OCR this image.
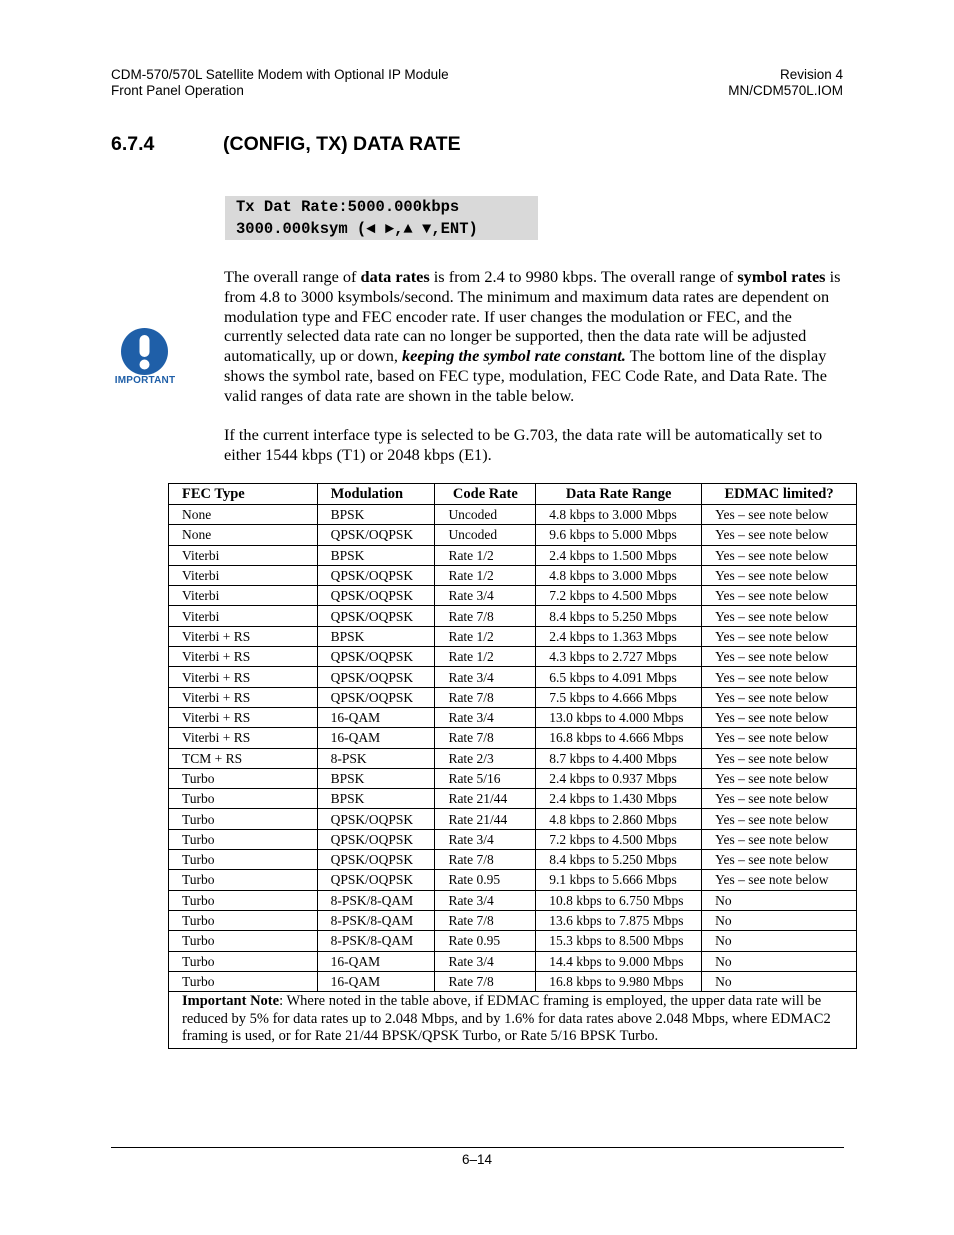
CDM-570/570L Satellite Modem with Optional IP Module
Front Panel Operation
Revision 4
MN/CDM570L.IOM
6.7.4	(CONFIG, TX) DATA RATE
Tx Dat Rate:5000.000kbps
3000.000ksym (◄ ►,▲ ▼,ENT)
IMPORTANT
The overall range of data rates is from 2.4 to 9980 kbps. The overall range of symbol rates is from 4.8 to 3000 ksymbols/second. The minimum and maximum data rates are dependent on modulation type and FEC encoder rate. If user changes the modulation or FEC, and the currently selected data rate can no longer be supported, then the data rate will be adjusted automatically, up or down, keeping the symbol rate constant. The bottom line of the display shows the symbol rate, based on FEC type, modulation, FEC Code Rate, and Data Rate. The valid ranges of data rate are shown in the table below.
If the current interface type is selected to be G.703, the data rate will be automatically set to either 1544 kbps (T1) or 2048 kbps (E1).
FEC Type	Modulation	Code Rate	Data Rate Range	EDMAC limited?
None	BPSK	Uncoded	4.8 kbps to 3.000 Mbps	Yes – see note below
None	QPSK/OQPSK	Uncoded	9.6 kbps to 5.000 Mbps	Yes – see note below
Viterbi	BPSK	Rate 1/2	2.4 kbps to 1.500 Mbps	Yes – see note below
Viterbi	QPSK/OQPSK	Rate 1/2	4.8 kbps to 3.000 Mbps	Yes – see note below
Viterbi	QPSK/OQPSK	Rate 3/4	7.2 kbps to 4.500 Mbps	Yes – see note below
Viterbi	QPSK/OQPSK	Rate 7/8	8.4 kbps to 5.250 Mbps	Yes – see note below
Viterbi + RS	BPSK	Rate 1/2	2.4 kbps to 1.363 Mbps	Yes – see note below
Viterbi + RS	QPSK/OQPSK	Rate 1/2	4.3 kbps to 2.727 Mbps	Yes – see note below
Viterbi + RS	QPSK/OQPSK	Rate 3/4	6.5 kbps to 4.091 Mbps	Yes – see note below
Viterbi + RS	QPSK/OQPSK	Rate 7/8	7.5 kbps to 4.666 Mbps	Yes – see note below
Viterbi + RS	16-QAM	Rate 3/4	13.0 kbps to 4.000 Mbps	Yes – see note below
Viterbi + RS	16-QAM	Rate 7/8	16.8 kbps to 4.666 Mbps	Yes – see note below
TCM + RS	8-PSK	Rate 2/3	8.7 kbps to 4.400 Mbps	Yes – see note below
Turbo	BPSK	Rate 5/16	2.4 kbps to 0.937 Mbps	Yes – see note below
Turbo	BPSK	Rate 21/44	2.4 kbps to 1.430 Mbps	Yes – see note below
Turbo	QPSK/OQPSK	Rate 21/44	4.8 kbps to 2.860 Mbps	Yes – see note below
Turbo	QPSK/OQPSK	Rate 3/4	7.2 kbps to 4.500 Mbps	Yes – see note below
Turbo	QPSK/OQPSK	Rate 7/8	8.4 kbps to 5.250 Mbps	Yes – see note below
Turbo	QPSK/OQPSK	Rate 0.95	9.1 kbps to 5.666 Mbps	Yes – see note below
Turbo	8-PSK/8-QAM	Rate 3/4	10.8 kbps to 6.750 Mbps	No
Turbo	8-PSK/8-QAM	Rate 7/8	13.6 kbps to 7.875 Mbps	No
Turbo	8-PSK/8-QAM	Rate 0.95	15.3 kbps to 8.500 Mbps	No
Turbo	16-QAM	Rate 3/4	14.4 kbps to 9.000 Mbps	No
Turbo	16-QAM	Rate 7/8	16.8 kbps to 9.980 Mbps	No
Important Note: Where noted in the table above, if EDMAC framing is employed, the upper data rate will be reduced by 5% for data rates up to 2.048 Mbps, and by 1.6% for data rates above 2.048 Mbps, where EDMAC2 framing is used, or for Rate 21/44 BPSK/QPSK Turbo, or Rate 5/16 BPSK Turbo.				
6–14
